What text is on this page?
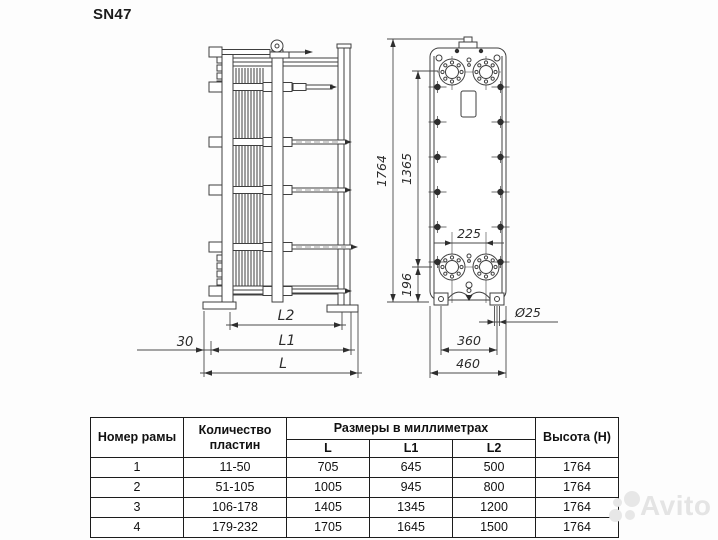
SN47
L2
30	L1
L
1764 1365
196
225
Ø25
360
460
Номер рамы	Количество пластин	Размеры в миллиметрах			Высота (H)
		L	L1	L2	
1	11-50	705	645	500	1764
2	51-105	1005	945	800	1764
3	106-178	1405	1345	1200	1764
4	179-232	1705	1645	1500	1764
Avito
